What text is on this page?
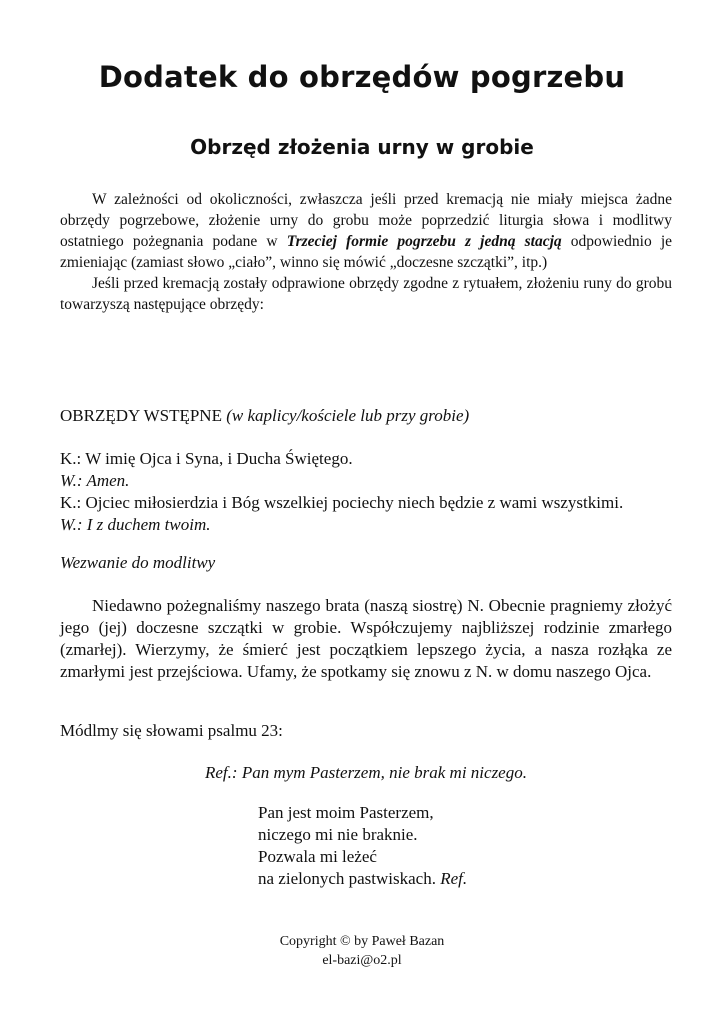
Dodatek do obrzędów pogrzebu
Obrzęd złożenia urny w grobie

W zależności od okoliczności, zwłaszcza jeśli przed kremacją nie miały miejsca żadne obrzędy pogrzebowe, złożenie urny do grobu może poprzedzić liturgia słowa i modlitwy ostatniego pożegnania podane w Trzeciej formie pogrzebu z jedną stacją odpowiednio je zmieniając (zamiast słowo „ciało”, winno się mówić „doczesne szczątki”, itp.)

Jeśli przed kremacją zostały odprawione obrzędy zgodne z rytuałem, złożeniu runy do grobu towarzyszą następujące obrzędy:

OBRZĘDY WSTĘPNE (w kaplicy/kościele lub przy grobie)

K.: W imię Ojca i Syna, i Ducha Świętego.

W.: Amen.

K.: Ojciec miłosierdzia i Bóg wszelkiej pociechy niech będzie z wami wszystkimi.

W.: I z duchem twoim.

Wezwanie do modlitwy

Niedawno pożegnaliśmy naszego brata (naszą siostrę) N. Obecnie pragniemy złożyć jego (jej) doczesne szczątki w grobie. Współczujemy najbliższej rodzinie zmarłego (zmarłej). Wierzymy, że śmierć jest początkiem lepszego życia, a nasza rozłąka ze zmarłymi jest przejściowa. Ufamy, że spotkamy się znowu z N. w domu naszego Ojca.

Módlmy się słowami psalmu 23:
Ref.: Pan mym Pasterzem, nie brak mi niczego.

Pan jest moim Pasterzem,

niczego mi nie braknie.

Pozwala mi leżeć

na zielonych pastwiskach. Ref.

Copyright © by Paweł Bazan

el-bazi@o2.pl
